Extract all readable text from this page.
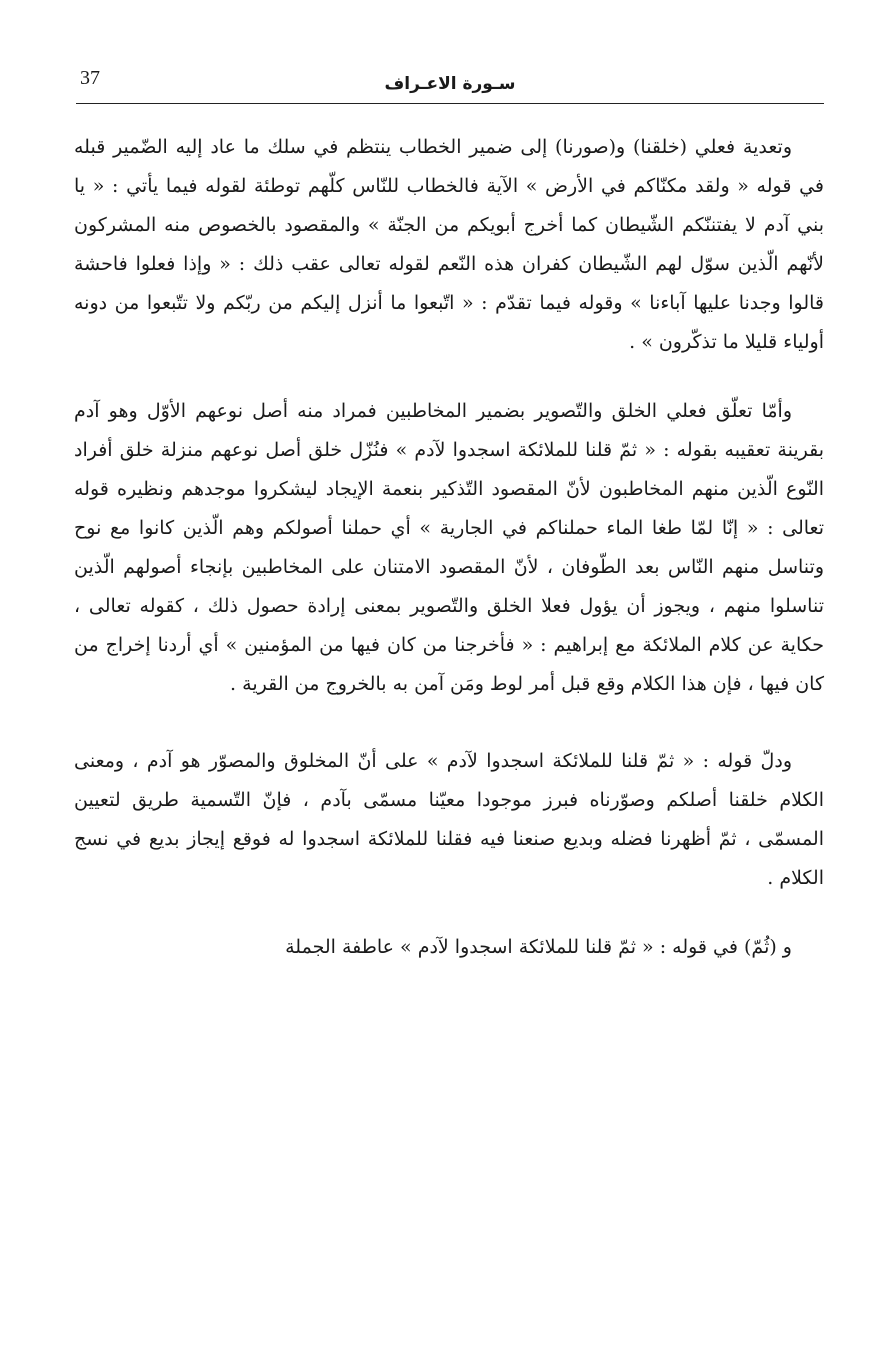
37	سـورة الاعـراف

وتعدية فعلي (خلقنا) و(صورنا) إلى ضمير الخطاب ينتظم في سلك ما عاد إليه الضّمير قبله في قوله « ولقد مكنّاكم في الأرض » الآية فالخطاب للنّاس كلّهم توطئة لقوله فيما يأتي : « يا بني آدم لا يفتننّكم الشّيطان كما أخرج أبويكم من الجنّة » والمقصود بالخصوص منه المشركون لأنّهم الّذين سوّل لهم الشّيطان كفران هذه النّعم لقوله تعالى عقب ذلك : « وإذا فعلوا فاحشة قالوا وجدنا عليها آباءنا » وقوله فيما تقدّم : « اتّبعوا ما أنزل إليكم من ربّكم ولا تتّبعوا من دونه أولياء قليلا ما تذكّرون » .

وأمّا تعلّق فعلي الخلق والتّصوير بضمير المخاطبين فمراد منه أصل نوعهم الأوّل وهو آدم بقرينة تعقيبه بقوله : « ثمّ قلنا للملائكة اسجدوا لآدم » فنُزّل خلق أصل نوعهم منزلة خلق أفراد النّوع الّذين منهم المخاطبون لأنّ المقصود التّذكير بنعمة الإيجاد ليشكروا موجدهم ونظيره قوله تعالى : « إنّا لمّا طغا الماء حملناكم في الجارية » أي حملنا أصولكم وهم الّذين كانوا مع نوح وتناسل منهم النّاس بعد الطّوفان ، لأنّ المقصود الامتنان على المخاطبين بإنجاء أصولهم الّذين تناسلوا منهم ، ويجوز أن يؤول فعلا الخلق والتّصوير بمعنى إرادة حصول ذلك ، كقوله تعالى ، حكاية عن كلام الملائكة مع إبراهيم : « فأخرجنا من كان فيها من المؤمنين » أي أردنا إخراج من كان فيها ، فإن هذا الكلام وقع قبل أمر لوط ومَن آمن به بالخروج من القرية .

ودلّ قوله : « ثمّ قلنا للملائكة اسجدوا لآدم » على أنّ المخلوق والمصوّر هو آدم ، ومعنى الكلام خلقنا أصلكم وصوّرناه فبرز موجودا معيّنا مسمّى بآدم ، فإنّ التّسمية طريق لتعيين المسمّى ، ثمّ أظهرنا فضله وبديع صنعنا فيه فقلنا للملائكة اسجدوا له فوقع إيجاز بديع في نسج الكلام .

و (ثُمّ) في قوله : « ثمّ قلنا للملائكة اسجدوا لآدم » عاطفة الجملة
